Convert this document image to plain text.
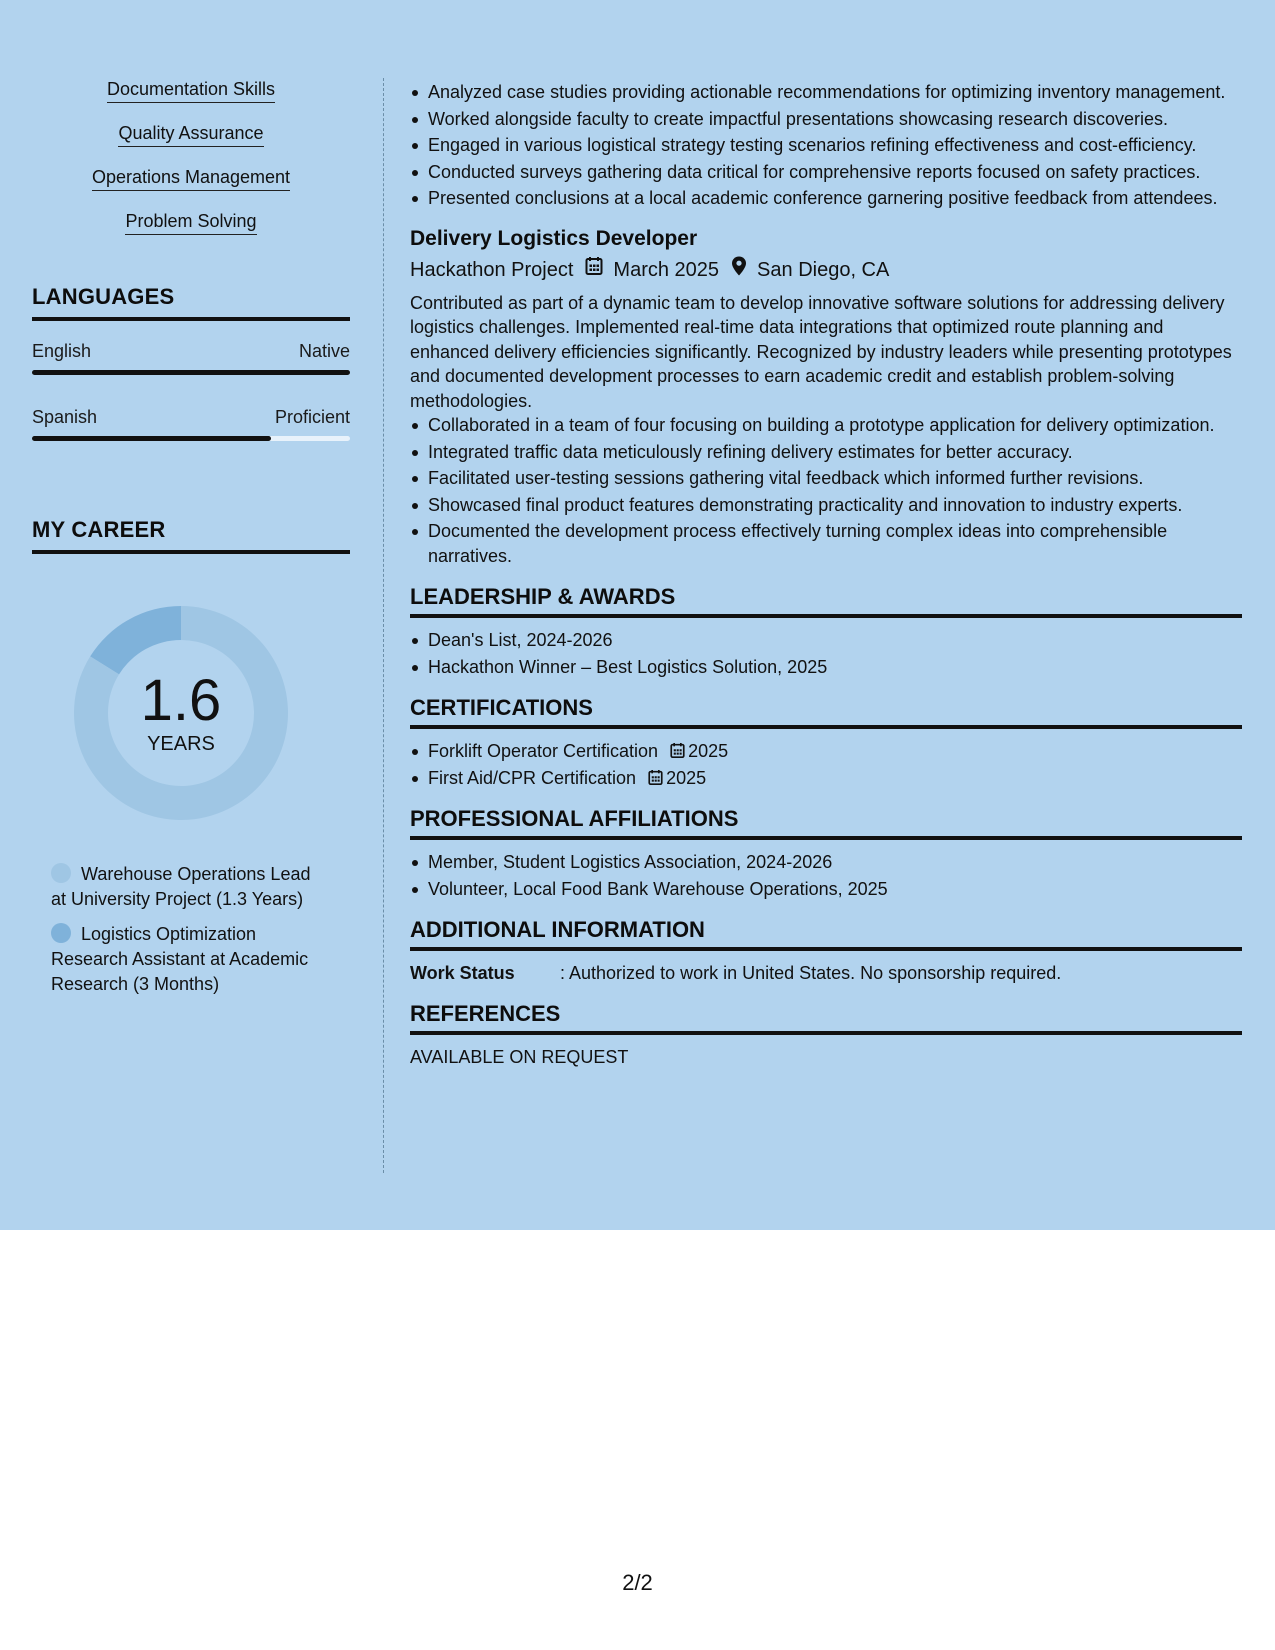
Documentation Skills
Quality Assurance
Operations Management
Problem Solving
LANGUAGES
English	Native
Spanish	Proficient
MY CAREER
1.6
YEARS
Warehouse Operations Lead at University Project (1.3 Years)
Logistics Optimization Research Assistant at Academic Research (3 Months)
Analyzed case studies providing actionable recommendations for optimizing inventory management.
Worked alongside faculty to create impactful presentations showcasing research discoveries.
Engaged in various logistical strategy testing scenarios refining effectiveness and cost-efficiency.
Conducted surveys gathering data critical for comprehensive reports focused on safety practices.
Presented conclusions at a local academic conference garnering positive feedback from attendees.
Delivery Logistics Developer
Hackathon Project March 2025 San Diego, CA
Contributed as part of a dynamic team to develop innovative software solutions for addressing delivery logistics challenges. Implemented real-time data integrations that optimized route planning and enhanced delivery efficiencies significantly. Recognized by industry leaders while presenting prototypes and documented development processes to earn academic credit and establish problem-solving methodologies.
Collaborated in a team of four focusing on building a prototype application for delivery optimization.
Integrated traffic data meticulously refining delivery estimates for better accuracy.
Facilitated user-testing sessions gathering vital feedback which informed further revisions.
Showcased final product features demonstrating practicality and innovation to industry experts.
Documented the development process effectively turning complex ideas into comprehensible narratives.
LEADERSHIP & AWARDS
Dean's List, 2024-2026
Hackathon Winner – Best Logistics Solution, 2025
CERTIFICATIONS
Forklift Operator Certification 2025
First Aid/CPR Certification 2025
PROFESSIONAL AFFILIATIONS
Member, Student Logistics Association, 2024-2026
Volunteer, Local Food Bank Warehouse Operations, 2025
ADDITIONAL INFORMATION
Work Status	: Authorized to work in United States. No sponsorship required.
REFERENCES
AVAILABLE ON REQUEST
2/2
